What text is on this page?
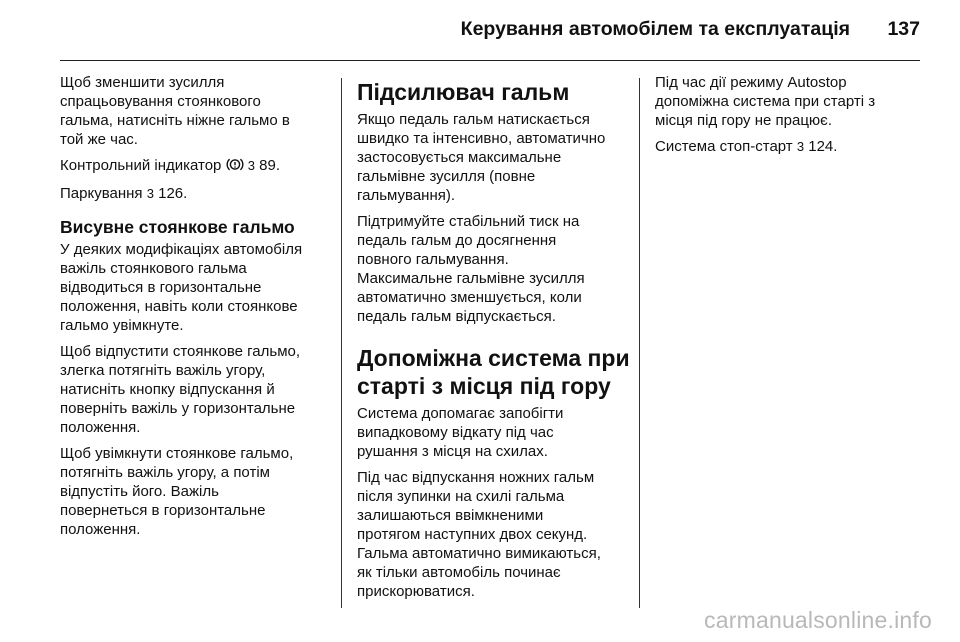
Керування автомобілем та експлуатація	137

Щоб зменшити зусилля
спрацьовування стоянкового
гальма, натисніть ніжне гальмо в
той же час.

Контрольний індикатор 3 89.

Паркування 3 126.

Висувне стоянкове гальмо

У деяких модифікаціях автомобіля
важіль стоянкового гальма
відводиться в горизонтальне
положення, навіть коли стоянкове
гальмо увімкнуте.

Щоб відпустити стоянкове гальмо,
злегка потягніть важіль угору,
натисніть кнопку відпускання й
поверніть важіль у горизонтальне
положення.

Щоб увімкнути стоянкове гальмо,
потягніть важіль угору, а потім
відпустіть його. Важіль
повернеться в горизонтальне
положення.

Підсилювач гальм

Якщо педаль гальм натискається
швидко та інтенсивно, автоматично
застосовується максимальне
гальмівне зусилля (повне
гальмування).

Підтримуйте стабільний тиск на
педаль гальм до досягнення
повного гальмування.
Максимальне гальмівне зусилля
автоматично зменшується, коли
педаль гальм відпускається.

Допоміжна система при
старті з місця під гору

Система допомагає запобігти
випадковому відкату під час
рушання з місця на схилах.

Під час відпускання ножних гальм
після зупинки на схилі гальма
залишаються ввімкненими
протягом наступних двох секунд.
Гальма автоматично вимикаються,
як тільки автомобіль починає
прискорюватися.

Під час дії режиму Autostop
допоміжна система при старті з
місця під гору не працює.

Система стоп-старт 3 124.

carmanualsonline.info
